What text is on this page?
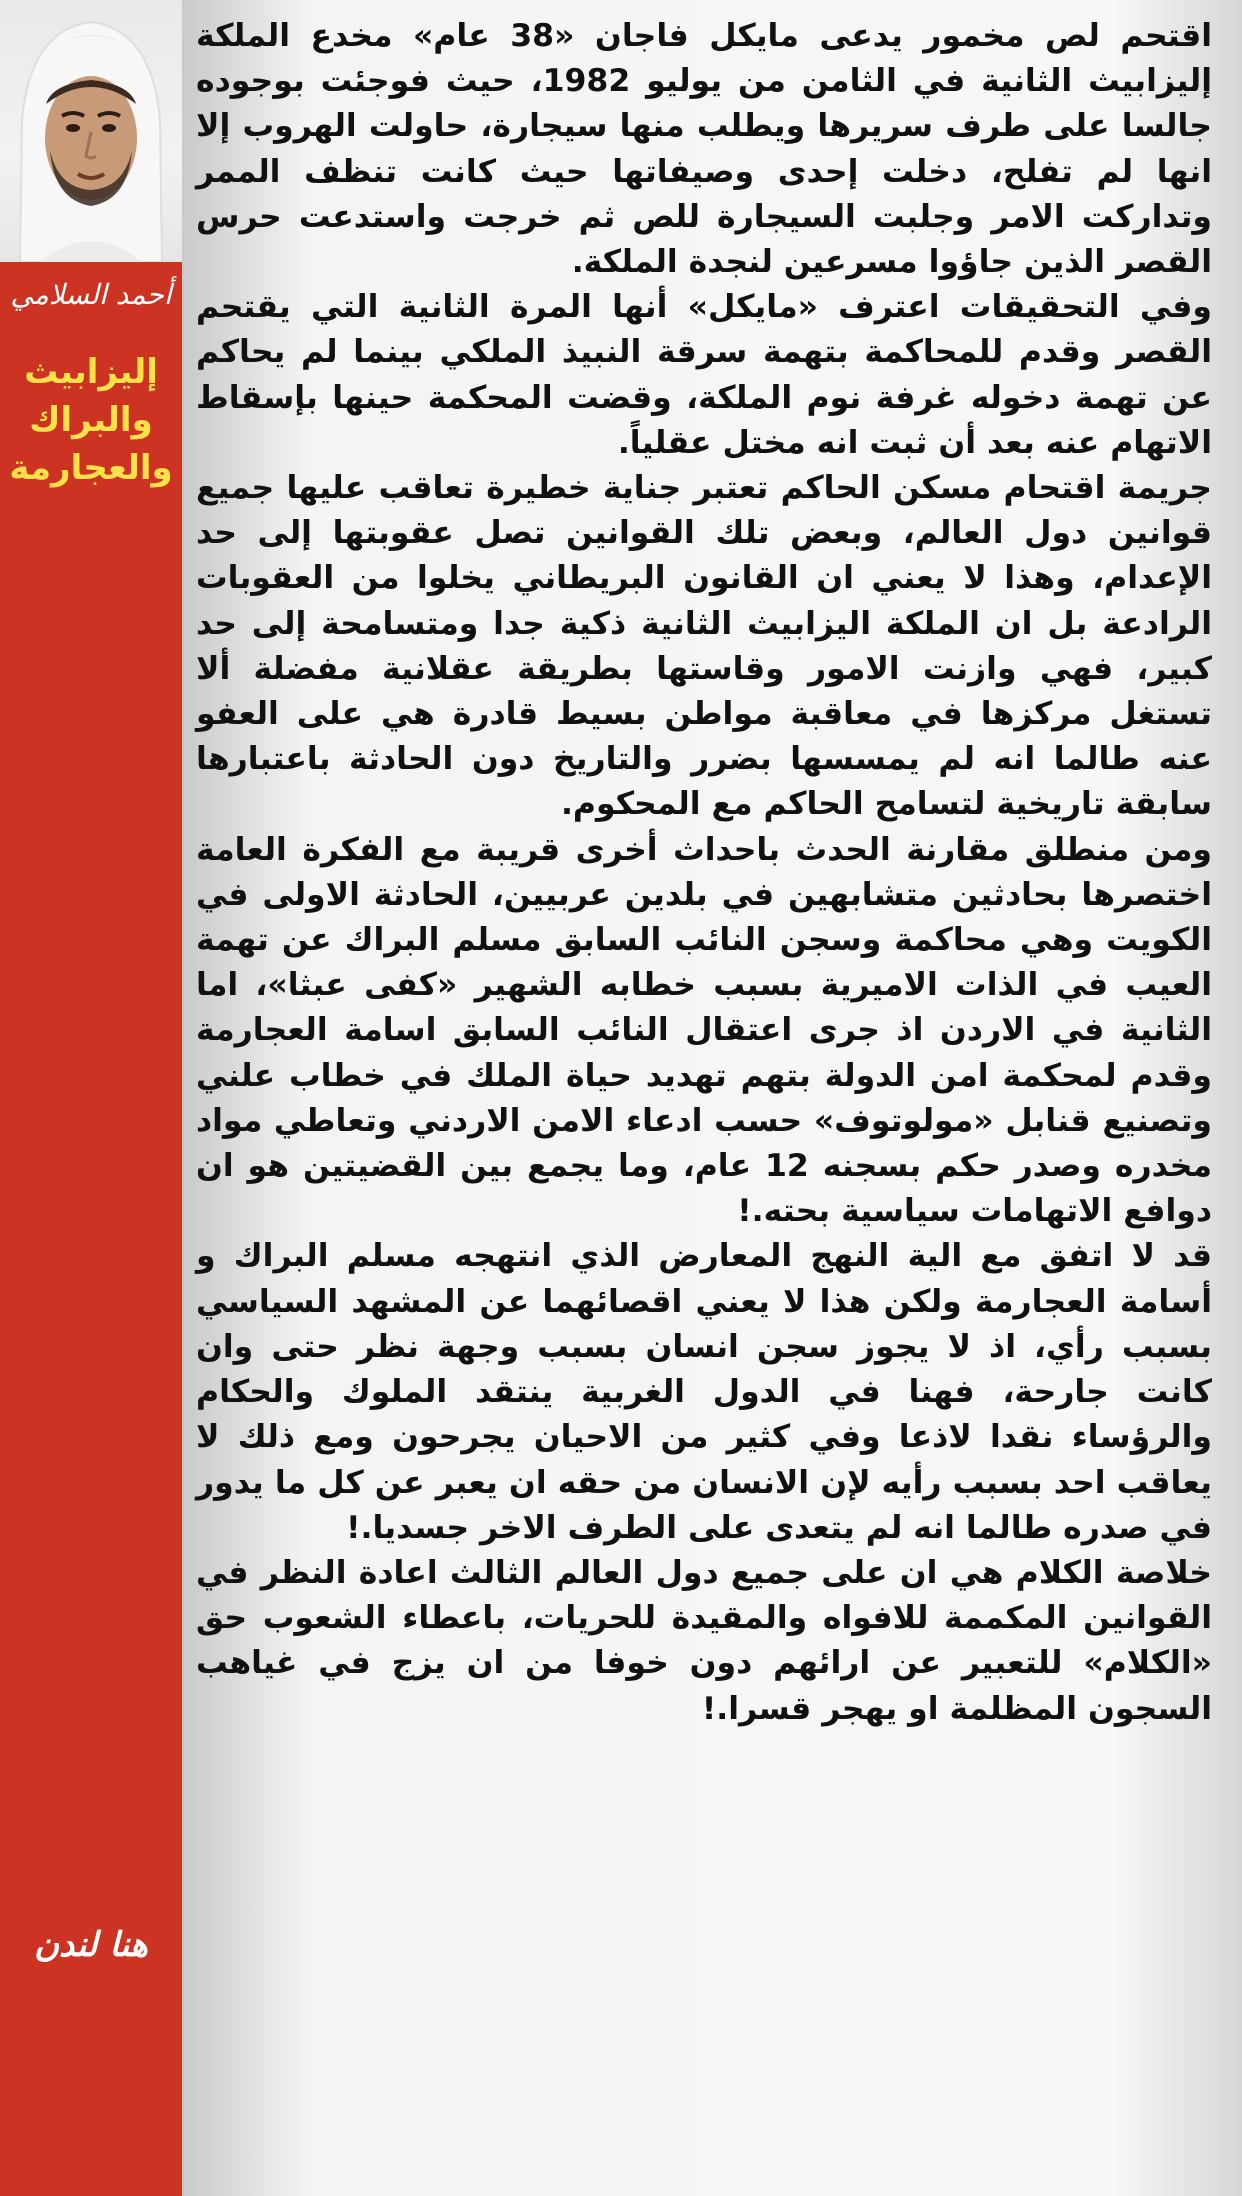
أحمد السلامي
إليزابيث
والبراك
والعجارمة
هنا لندن

اقتحم لص مخمور يدعى مايكل فاجان «38 عام» مخدع الملكة إليزابيث الثانية في الثامن من يوليو 1982، حيث فوجئت بوجوده جالسا على طرف سريرها ويطلب منها سيجارة، حاولت الهروب إلا انها لم تفلح، دخلت إحدى وصيفاتها حيث كانت تنظف الممر وتداركت الامر وجلبت السيجارة للص ثم خرجت واستدعت حرس القصر الذين جاؤوا مسرعين لنجدة الملكة.

وفي التحقيقات اعترف «مايكل» أنها المرة الثانية التي يقتحم القصر وقدم للمحاكمة بتهمة سرقة النبيذ الملكي بينما لم يحاكم عن تهمة دخوله غرفة نوم الملكة، وقضت المحكمة حينها بإسقاط الاتهام عنه بعد أن ثبت انه مختل عقلياً.

جريمة اقتحام مسكن الحاكم تعتبر جناية خطيرة تعاقب عليها جميع قوانين دول العالم، وبعض تلك القوانين تصل عقوبتها إلى حد الإعدام، وهذا لا يعني ان القانون البريطاني يخلوا من العقوبات الرادعة بل ان الملكة اليزابيث الثانية ذكية جدا ومتسامحة إلى حد كبير، فهي وازنت الامور وقاستها بطريقة عقلانية مفضلة ألا تستغل مركزها في معاقبة مواطن بسيط قادرة هي على العفو عنه طالما انه لم يمسسها بضرر والتاريخ دون الحادثة باعتبارها سابقة تاريخية لتسامح الحاكم مع المحكوم.

ومن منطلق مقارنة الحدث باحداث أخرى قريبة مع الفكرة العامة اختصرها بحادثين متشابهين في بلدين عربيين، الحادثة الاولى في الكويت وهي محاكمة وسجن النائب السابق مسلم البراك عن تهمة العيب في الذات الاميرية بسبب خطابه الشهير «كفى عبثا»، اما الثانية في الاردن اذ جرى اعتقال النائب السابق اسامة العجارمة وقدم لمحكمة امن الدولة بتهم تهديد حياة الملك في خطاب علني وتصنيع قنابل «مولوتوف» حسب ادعاء الامن الاردني وتعاطي مواد مخدره وصدر حكم بسجنه 12 عام، وما يجمع بين القضيتين هو ان دوافع الاتهامات سياسية بحته.!

قد لا اتفق مع الية النهج المعارض الذي انتهجه مسلم البراك و أسامة العجارمة ولكن هذا لا يعني اقصائهما عن المشهد السياسي بسبب رأي، اذ لا يجوز سجن انسان بسبب وجهة نظر حتى وان كانت جارحة، فهنا في الدول الغربية ينتقد الملوك والحكام والرؤساء نقدا لاذعا وفي كثير من الاحيان يجرحون ومع ذلك لا يعاقب احد بسبب رأيه لإن الانسان من حقه ان يعبر عن كل ما يدور في صدره طالما انه لم يتعدى على الطرف الاخر جسديا.!

خلاصة الكلام هي ان على جميع دول العالم الثالث اعادة النظر في القوانين المكممة للافواه والمقيدة للحريات، باعطاء الشعوب حق «الكلام» للتعبير عن ارائهم دون خوفا من ان يزج في غياهب السجون المظلمة او يهجر قسرا.!
